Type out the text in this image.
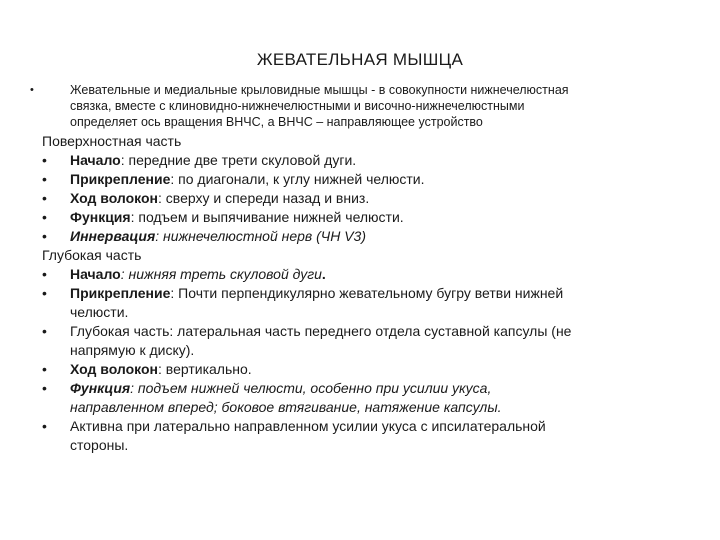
ЖЕВАТЕЛЬНАЯ МЫШЦА
•	Жевательные и медиальные крыловидные мышцы - в совокупности нижнечелюстная
связка, вместе с клиновидно-нижнечелюстными и височно-нижнечелюстными
определяет ось вращения ВНЧС, а ВНЧС – направляющее устройство
Поверхностная часть
• Начало: передние две трети скуловой дуги.
• Прикрепление: по диагонали, к углу нижней челюсти.
• Ход волокон: сверху и спереди назад и вниз.
• Функция: подъем и выпячивание нижней челюсти.
• Иннервация: нижнечелюстной нерв (ЧН V3)
Глубокая часть
• Начало: нижняя треть скуловой дуги.
• Прикрепление: Почти перпендикулярно жевательному бугру ветви нижней
челюсти.
• Глубокая часть: латеральная часть переднего отдела суставной капсулы (не
напрямую к диску).
• Ход волокон: вертикально.
• Функция: подъем нижней челюсти, особенно при усилии укуса,
направленном вперед; боковое втягивание, натяжение капсулы.
• Активна при латерально направленном усилии укуса с ипсилатеральной
стороны.
